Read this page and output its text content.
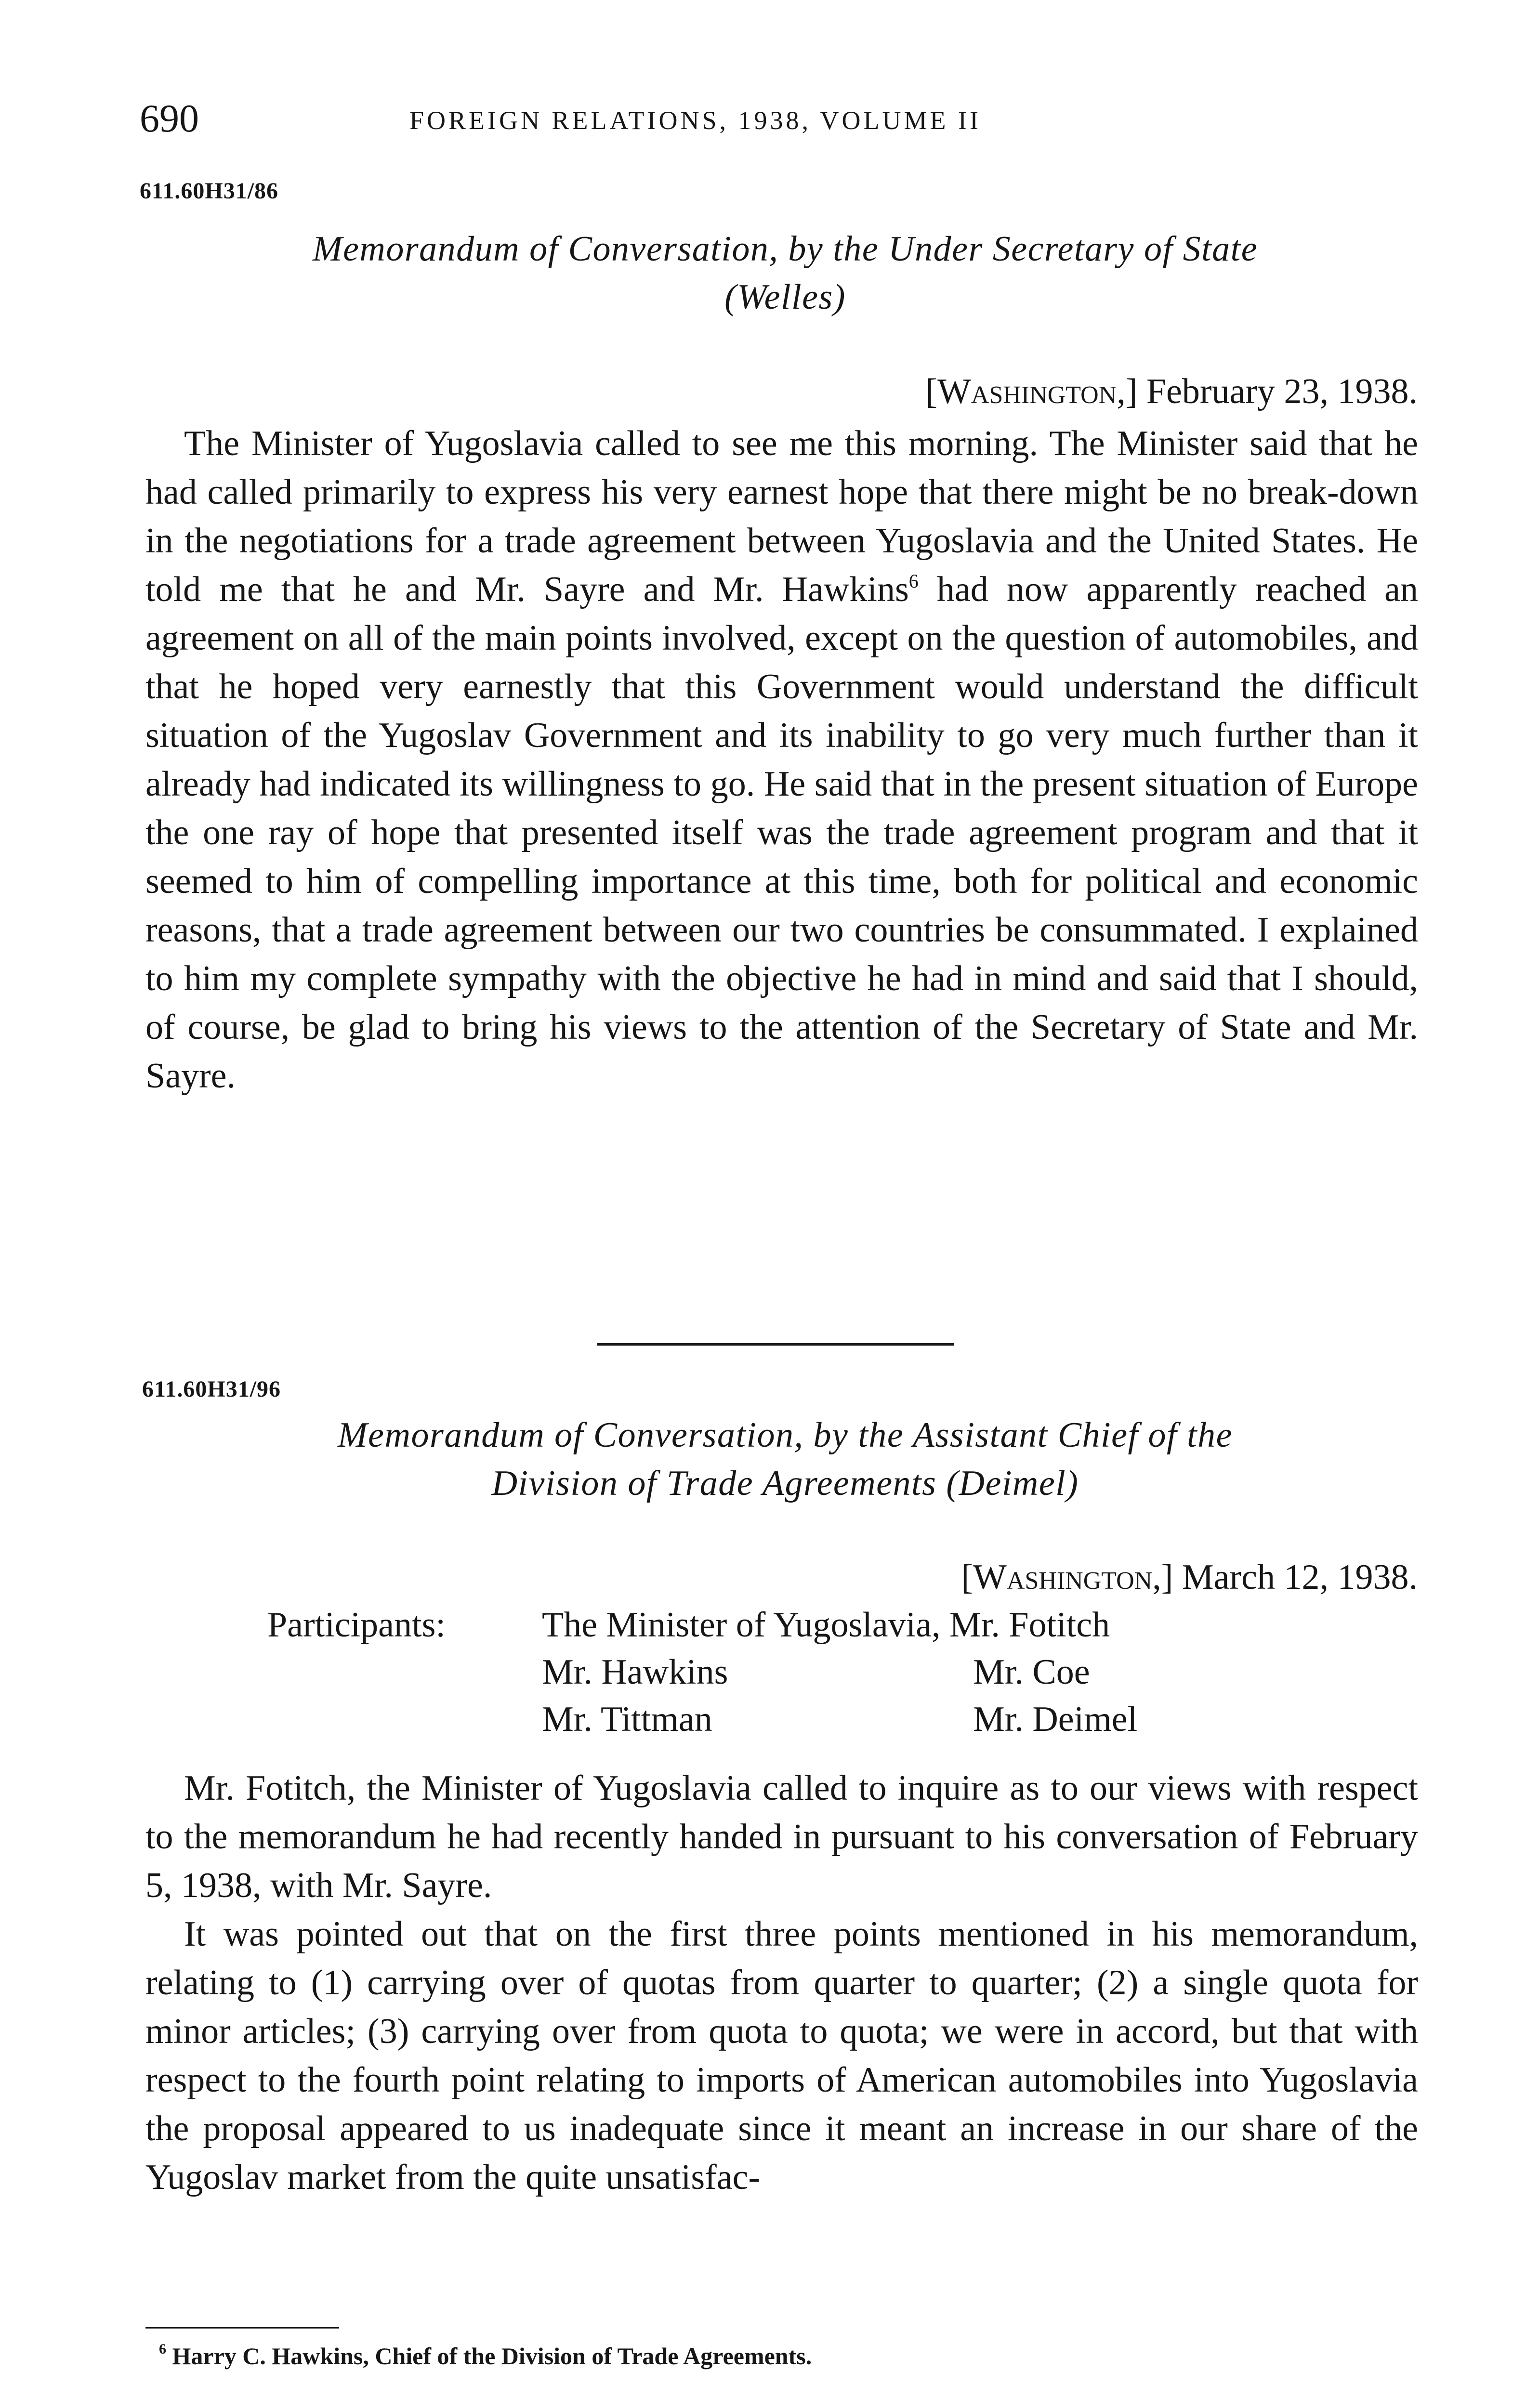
690	FOREIGN RELATIONS, 1938, VOLUME II
611.60H31/86
Memorandum of Conversation, by the Under Secretary of State
(Welles)
[Washington,] February 23, 1938.

The Minister of Yugoslavia called to see me this morning. The Minister said that he had called primarily to express his very earnest hope that there might be no break-down in the negotiations for a trade agreement between Yugoslavia and the United States. He told me that he and Mr. Sayre and Mr. Hawkins$^6$ had now apparently reached an agreement on all of the main points involved, except on the question of automobiles, and that he hoped very earnestly that this Government would understand the difficult situation of the Yugoslav Government and its inability to go very much further than it already had indicated its willingness to go. He said that in the present situation of Europe the one ray of hope that presented itself was the trade agreement program and that it seemed to him of compelling importance at this time, both for political and economic reasons, that a trade agreement between our two countries be consummated. I explained to him my complete sympathy with the objective he had in mind and said that I should, of course, be glad to bring his views to the attention of the Secretary of State and Mr. Sayre.

611.60H31/96
Memorandum of Conversation, by the Assistant Chief of the
Division of Trade Agreements (Deimel)
[Washington,] March 12, 1938.
Participants:	The Minister of Yugoslavia, Mr. Fotitch
Mr. Hawkins	Mr. Coe
Mr. Tittman	Mr. Deimel

Mr. Fotitch, the Minister of Yugoslavia called to inquire as to our views with respect to the memorandum he had recently handed in pursuant to his conversation of February 5, 1938, with Mr. Sayre.

It was pointed out that on the first three points mentioned in his memorandum, relating to (1) carrying over of quotas from quarter to quarter; (2) a single quota for minor articles; (3) carrying over from quota to quota; we were in accord, but that with respect to the fourth point relating to imports of American automobiles into Yugoslavia the proposal appeared to us inadequate since it meant an increase in our share of the Yugoslav market from the quite unsatisfac-

$^6$ Harry C. Hawkins, Chief of the Division of Trade Agreements.
